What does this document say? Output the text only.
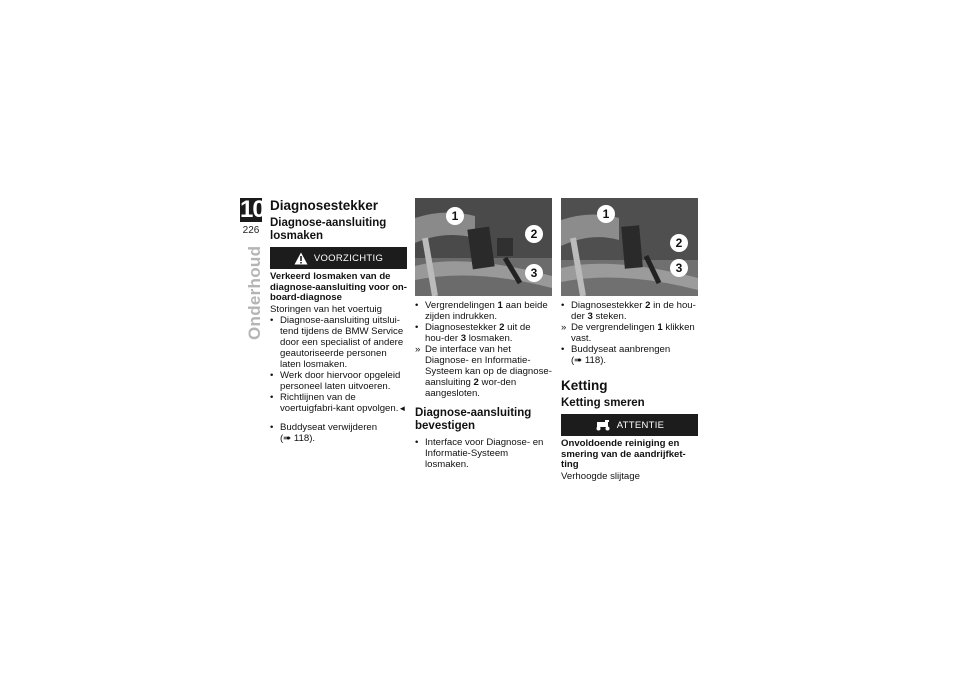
10
226
Onderhoud
Diagnosestekker
Diagnose-aansluiting losmaken
VOORZICHTIG

Verkeerd losmaken van de diagnose-aansluiting voor on-board-diagnose

Storingen van het voertuig

• Diagnose-aansluiting uitslui-tend tijdens de BMW Service door een specialist of andere geautoriseerde personen laten losmaken.
• Werk door hiervoor opgeleid personeel laten uitvoeren.
• Richtlijnen van de voertuigfabri-kant opvolgen.◄
• Buddyseat verwijderen
(➠ 118).
1
2
3
• Vergrendelingen 1 aan beide zijden indrukken.
• Diagnosestekker 2 uit de hou-der 3 losmaken.
» De interface van het Diagnose- en Informatie-Systeem kan op de diagnose-aansluiting 2 wor-den aangesloten.
Diagnose-aansluiting bevestigen
• Interface voor Diagnose- en Informatie-Systeem losmaken.
1
2
3
• Diagnosestekker 2 in de hou-der 3 steken.
» De vergrendelingen 1 klikken vast.
• Buddyseat aanbrengen
(➠ 118).
Ketting
Ketting smeren
ATTENTIE

Onvoldoende reiniging en smering van de aandrijfket-ting

Verhoogde slijtage
